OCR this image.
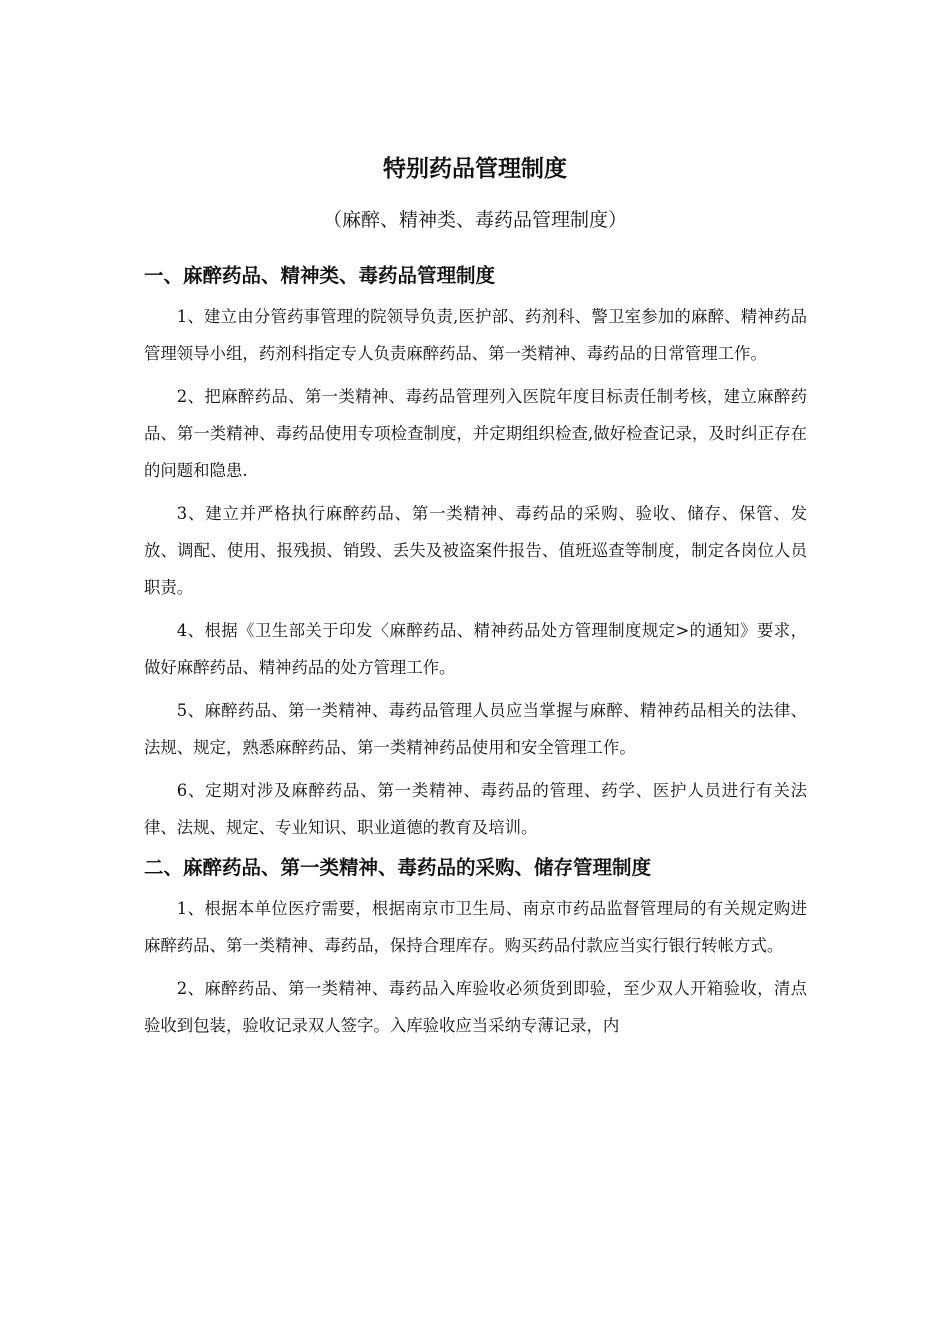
特别药品管理制度

（麻醉、精神类、毒药品管理制度）

一、麻醉药品、精神类、毒药品管理制度

1、建立由分管药事管理的院领导负责,医护部、药剂科、警卫室参加的麻醉、精神药品管理领导小组，药剂科指定专人负责麻醉药品、第一类精神、毒药品的日常管理工作。

2、把麻醉药品、第一类精神、毒药品管理列入医院年度目标责任制考核，建立麻醉药品、第一类精神、毒药品使用专项检查制度，并定期组织检查,做好检查记录，及时纠正存在的问题和隐患.

3、建立并严格执行麻醉药品、第一类精神、毒药品的采购、验收、储存、保管、发放、调配、使用、报残损、销毁、丢失及被盗案件报告、值班巡查等制度，制定各岗位人员职责。

4、根据《卫生部关于印发〈麻醉药品、精神药品处方管理制度规定>的通知》要求，做好麻醉药品、精神药品的处方管理工作。

5、麻醉药品、第一类精神、毒药品管理人员应当掌握与麻醉、精神药品相关的法律、法规、规定，熟悉麻醉药品、第一类精神药品使用和安全管理工作。

6、定期对涉及麻醉药品、第一类精神、毒药品的管理、药学、医护人员进行有关法律、法规、规定、专业知识、职业道德的教育及培训。

二、麻醉药品、第一类精神、毒药品的采购、储存管理制度

1、根据本单位医疗需要，根据南京市卫生局、南京市药品监督管理局的有关规定购进麻醉药品、第一类精神、毒药品，保持合理库存。购买药品付款应当实行银行转帐方式。

2、麻醉药品、第一类精神、毒药品入库验收必须货到即验，至少双人开箱验收，清点验收到包装，验收记录双人签字。入库验收应当采纳专薄记录，内
